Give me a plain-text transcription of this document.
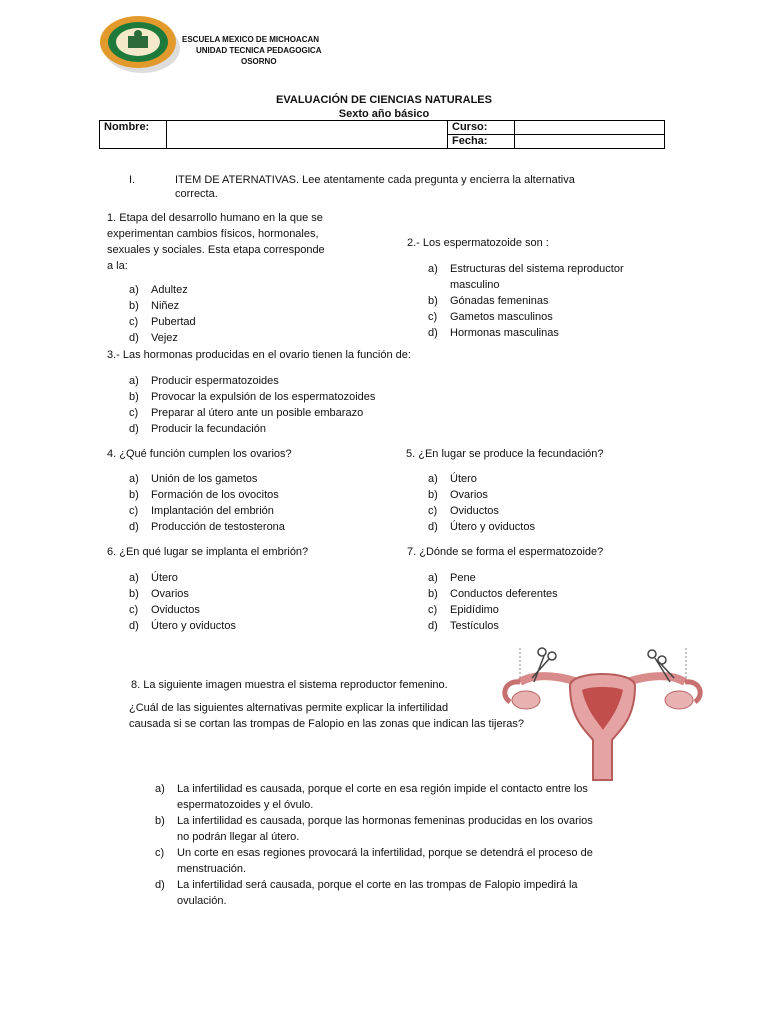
ESCUELA MEXICO DE MICHOACAN
UNIDAD TECNICA PEDAGOGICA
OSORNO
EVALUACIÓN DE CIENCIAS NATURALES
Sexto año básico
Nombre:		Curso:	
		Fecha:	
I.	ITEM DE ATERNATIVAS. Lee atentamente cada pregunta y encierra la alternativa
correcta.
1. Etapa del desarrollo humano en la que se
experimentan cambios físicos, hormonales,
sexuales y sociales. Esta etapa corresponde
a la:
a)	Adultez
b)	Niñez
c)	Pubertad
d)	Vejez
2.- Los espermatozoide son :
a)	Estructuras del sistema reproductor
masculino
b)	Gónadas femeninas
c)	Gametos masculinos
d)	Hormonas masculinas
3.- Las hormonas producidas en el ovario tienen la función de:
a)	Producir espermatozoides
b)	Provocar la expulsión de los espermatozoides
c)	Preparar al útero ante un posible embarazo
d)	Producir la fecundación
4. ¿Qué función cumplen los ovarios?
a)	Unión de los gametos
b)	Formación de los ovocitos
c)	Implantación del embrión
d)	Producción de testosterona
5. ¿En lugar se produce la fecundación?
a)	Útero
b)	Ovarios
c)	Oviductos
d)	Útero y oviductos
6. ¿En qué lugar se implanta el embrión?
a)	Útero
b)	Ovarios
c)	Oviductos
d)	Útero y oviductos
7. ¿Dónde se forma el espermatozoide?
a)	Pene
b)	Conductos deferentes
c)	Epidídimo
d)	Testículos
8. La siguiente imagen muestra el sistema reproductor femenino.
¿Cuál de las siguientes alternativas permite explicar la infertilidad
causada si se cortan las trompas de Falopio en las zonas que indican las tijeras?
a)	La infertilidad es causada, porque el corte en esa región impide el contacto entre los
espermatozoides y el óvulo.
b)	La infertilidad es causada, porque las hormonas femeninas producidas en los ovarios
no podrán llegar al útero.
c)	Un corte en esas regiones provocará la infertilidad, porque se detendrá el proceso de
menstruación.
d)	La infertilidad será causada, porque el corte en las trompas de Falopio impedirá la
ovulación.
